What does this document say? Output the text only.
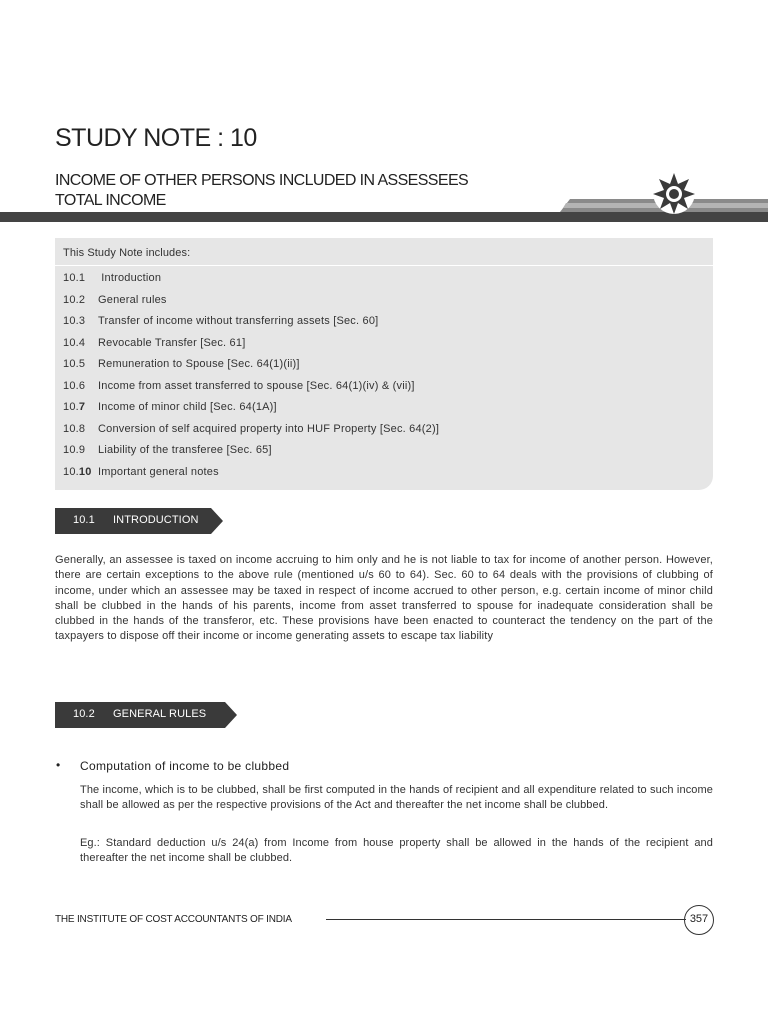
STUDY NOTE : 10
INCOME OF OTHER PERSONS INCLUDED IN ASSESSEES
TOTAL INCOME
This Study Note includes:
10.1 Introduction
10.2 General rules
10.3 Transfer of income without transferring assets [Sec. 60]
10.4 Revocable Transfer [Sec. 61]
10.5 Remuneration to Spouse [Sec. 64(1)(ii)]
10.6 Income from asset transferred to spouse [Sec. 64(1)(iv) & (vii)]
10.7 Income of minor child [Sec. 64(1A)]
10.8 Conversion of self acquired property into HUF Property [Sec. 64(2)]
10.9 Liability of the transferee [Sec. 65]
10.10 Important general notes
10.1 INTRODUCTION

Generally, an assessee is taxed on income accruing to him only and he is not liable to tax for income of another person. However, there are certain exceptions to the above rule (mentioned u/s 60 to 64). Sec. 60 to 64 deals with the provisions of clubbing of income, under which an assessee may be taxed in respect of income accrued to other person, e.g. certain income of minor child shall be clubbed in the hands of his parents, income from asset transferred to spouse for inadequate consideration shall be clubbed in the hands of the transferor, etc. These provisions have been enacted to counteract the tendency on the part of the taxpayers to dispose off their income or income generating assets to escape tax liability

10.2 GENERAL RULES
• Computation of income to be clubbed

The income, which is to be clubbed, shall be first computed in the hands of recipient and all expenditure related to such income shall be allowed as per the respective provisions of the Act and thereafter the net income shall be clubbed.

Eg.: Standard deduction u/s 24(a) from Income from house property shall be allowed in the hands of the recipient and thereafter the net income shall be clubbed.

THE INSTITUTE OF COST ACCOUNTANTS OF INDIA	357
